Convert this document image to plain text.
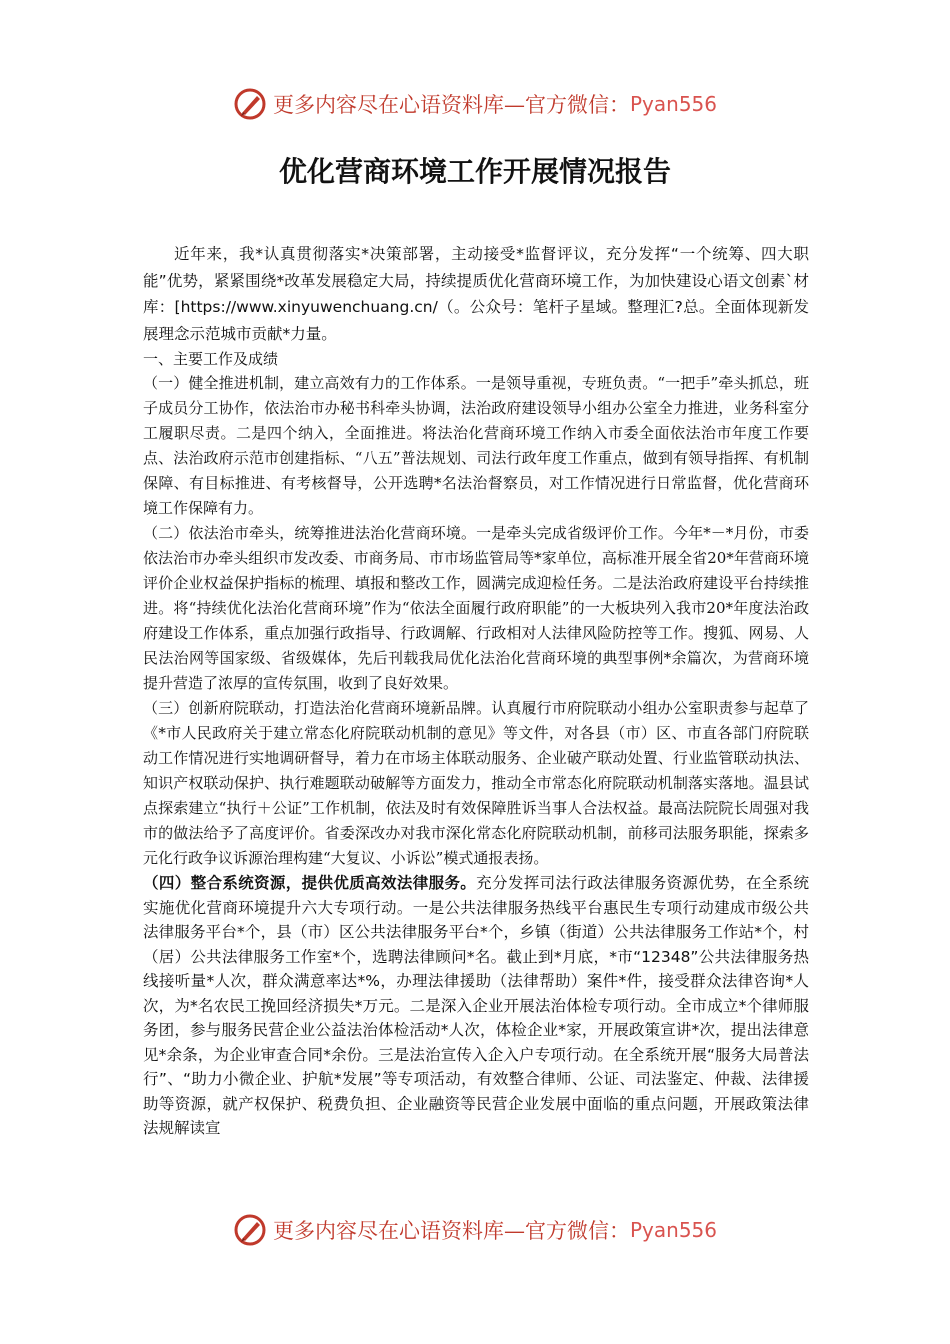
更多内容尽在心语资料库—官方微信： Pyan556
优化营商环境工作开展情况报告

近年来，我*认真贯彻落实*决策部署，主动接受*监督评议，充分发挥“一个统筹、四大职能”优势，紧紧围绕*改革发展稳定大局，持续提质优化营商环境工作，为加快建设心语文创素`材库：[https://www.xinyuwenchuang.cn/（。公众号：笔杆子星域。整理汇?总。全面体现新发展理念示范城市贡献*力量。

一、主要工作及成绩

（一）健全推进机制，建立高效有力的工作体系。一是领导重视，专班负责。“一把手”牵头抓总，班子成员分工协作，依法治市办秘书科牵头协调，法治政府建设领导小组办公室全力推进，业务科室分工履职尽责。二是四个纳入，全面推进。将法治化营商环境工作纳入市委全面依法治市年度工作要点、法治政府示范市创建指标、“八五”普法规划、司法行政年度工作重点，做到有领导指挥、有机制保障、有目标推进、有考核督导，公开选聘*名法治督察员，对工作情况进行日常监督，优化营商环境工作保障有力。

（二）依法治市牵头，统筹推进法治化营商环境。一是牵头完成省级评价工作。今年*－*月份，市委依法治市办牵头组织市发改委、市商务局、市市场监管局等*家单位，高标准开展全省20*年营商环境评价企业权益保护指标的梳理、填报和整改工作，圆满完成迎检任务。二是法治政府建设平台持续推进。将“持续优化法治化营商环境”作为“依法全面履行政府职能”的一大板块列入我市20*年度法治政府建设工作体系，重点加强行政指导、行政调解、行政相对人法律风险防控等工作。搜狐、网易、人民法治网等国家级、省级媒体，先后刊载我局优化法治化营商环境的典型事例*余篇次，为营商环境提升营造了浓厚的宣传氛围，收到了良好效果。

（三）创新府院联动，打造法治化营商环境新品牌。认真履行市府院联动小组办公室职责参与起草了《*市人民政府关于建立常态化府院联动机制的意见》等文件，对各县（市）区、市直各部门府院联动工作情况进行实地调研督导，着力在市场主体联动服务、企业破产联动处置、行业监管联动执法、知识产权联动保护、执行难题联动破解等方面发力，推动全市常态化府院联动机制落实落地。温县试点探索建立“执行＋公证”工作机制，依法及时有效保障胜诉当事人合法权益。最高法院院长周强对我市的做法给予了高度评价。省委深改办对我市深化常态化府院联动机制，前移司法服务职能，探索多元化行政争议诉源治理构建“大复议、小诉讼”模式通报表扬。

（四）整合系统资源，提供优质高效法律服务。充分发挥司法行政法律服务资源优势，在全系统实施优化营商环境提升六大专项行动。一是公共法律服务热线平台惠民生专项行动建成市级公共法律服务平台*个，县（市）区公共法律服务平台*个，乡镇（街道）公共法律服务工作站*个，村（居）公共法律服务工作室*个，选聘法律顾问*名。截止到*月底，*市“12348”公共法律服务热线接听量*人次，群众满意率达*%，办理法律援助（法律帮助）案件*件，接受群众法律咨询*人次，为*名农民工挽回经济损失*万元。二是深入企业开展法治体检专项行动。全市成立*个律师服务团，参与服务民营企业公益法治体检活动*人次，体检企业*家，开展政策宣讲*次，提出法律意见*余条，为企业审查合同*余份。三是法治宣传入企入户专项行动。在全系统开展“服务大局普法行”、“助力小微企业、护航*发展”等专项活动，有效整合律师、公证、司法鉴定、仲裁、法律援助等资源，就产权保护、税费负担、企业融资等民营企业发展中面临的重点问题，开展政策法律法规解读宣

更多内容尽在心语资料库—官方微信： Pyan556
